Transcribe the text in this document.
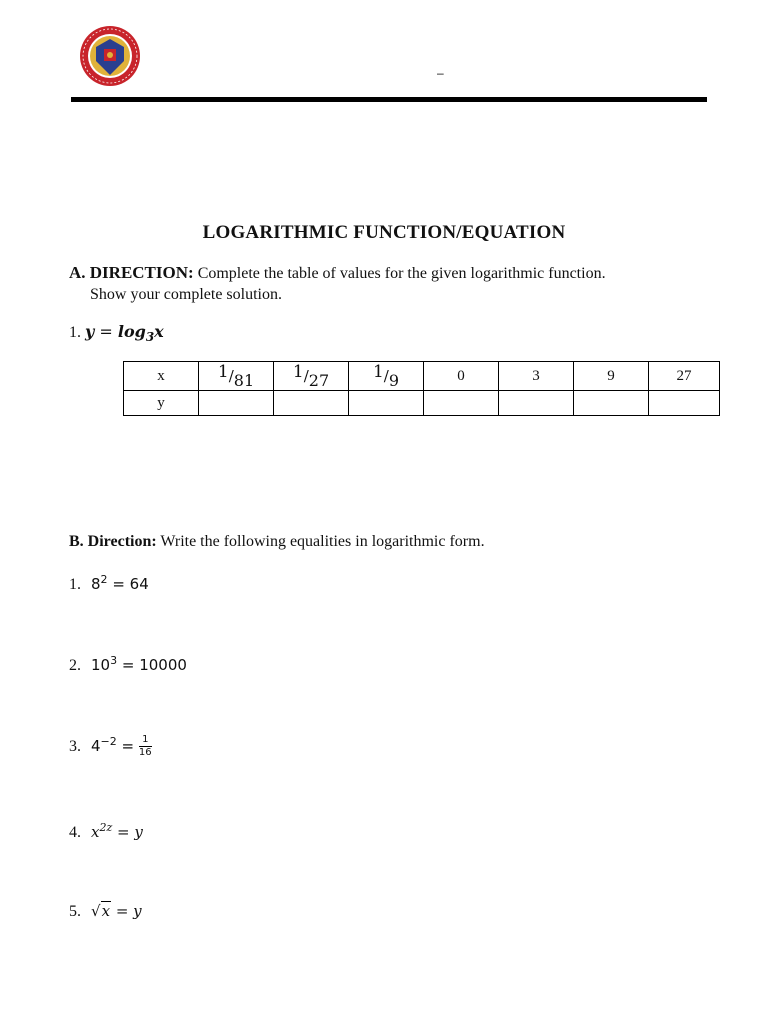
–
LOGARITHMIC FUNCTION/EQUATION
A. DIRECTION: Complete the table of values for the given logarithmic function.
Show your complete solution.
1. $y = \log_3x$
x	$^1/_{81}$	$^1/_{27}$	$^1/_9$	0	3	9	27
y							
B. Direction: Write the following equalities in logarithmic form.
1. $8^2 = 64$
2. $10^3 = 10000$
3. $4^{-2} = \frac{1}{16}$
4. $x^{2z} = y$
5. √x = y
